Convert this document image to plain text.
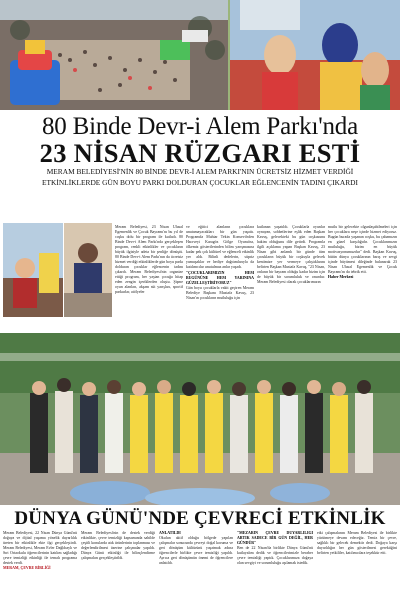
80 Binde Devr-i Alem Parkı'nda
23 NİSAN RÜZGARI ESTİ
MERAM BELEDİYESİ'NİN 80 BİNDE DEVR-İ ALEM PARKI'NIN ÜCRETSİZ HİZMET VERDİĞİ
ETKİNLİKLERDE GÜN BOYU PARKI DOLDURAN ÇOCUKLAR EĞLENCENİN TADINI ÇIKARDI
Meram Belediyesi, 23 Nisan Ulusal Egemenlik ve Çocuk Bayramı'nı bu yıl de coşku dolu bir program ile kutladı. 80 Binde Devr-i Alem Parkı'nda gerçekleşen program, renkli etkinlikler ve çocukların büyük ilgisiyle adeta bir şenliğe dönüştü. 80 Binde Devr-i Alem Parkı'nın da ücretsiz hizmet verdiği etkinliklerde gün boyu parkı dolduran çocuklar eğlencenin tadını çıkardı. Meram Belediyesi'nin organize ettiği program, her yaştan çocuğa hitap eden zengin içeriklerden oluştu. Şişme oyun alanları, akşam süt yarışları, sportif parkurlar, atölyeler
ve eğitici alanların çocuklara unutamayacakları bir gün yaşattı. Programda Muhtar Tekin Konsevi'nden Hacıveyi Karagöz Gölge Oyunu'na, ölkemiz gösterilerinden bilim yarışmasına kadar pek çok kültürel ve eğlenceli etkinlik yer aldı. Bilinli dedelerin, süpriz yumuşaklar ve hediye dağıtımlarıyla da katılımcılar unutulmaz anlar yaşadı.
"ÇOCUKLARIMIZIN HEM BUGÜNÜNE HEM YARININA GÜZELLEŞTİRİYORUZ"
Gün boyu çocuklarla vakit geçiren Meram Belediye Başkanı Mustafa Kavuş, 23 Nisan'ın çocukların mutluluğu için
kutlanan yaşatıldı. Çocuklarla oyunlar oynayan, sohbetlerine eşlik eden Başkan Kavuş, gelecekteki bu gün coşkusunu hakim olduğunu dile getirdi. Programla ilgili açıklama yapan Başkan Kavuş, 23 Nisan gibi anlamlı bir günde tüm çocukların büyük bir coşkuyla gelecek kentimize yer vermeye çalıştıklarını belirten Başkan Mustafa Kavuş, "23 Nisan, onların bir bayram olduğu kadar bizim için de büyük bir sorumluluk ve onurdur. Meram Belediyesi olarak çocuklarımızın
mutlu bir gelecekte olgunlaşabilmeleri için her çocuklara neşe içinde hizmet ediyoruz. Bugün burada yaşanan coşku, bu çabamızın en güzel karşılığıdır. Çocuklarımızın mutluluğu, bizim en büyük motivasyonumuzdur" dedi. Başkan Kavuş, bütün dünya çocuklarının barış ve sevgi içinde büyümesi dileğinde bulunarak 23 Nisan Ulusal Egemenlik ve Çocuk Bayramı'nı da tebrik etti.
Haber Merkezi
DÜNYA GÜNÜ'NDE ÇEVRECİ ETKİNLİK
Meram Belediyesi, 22 Nisan Dünya Günü'nü doğaya ve dijital yaşama yönelik duyarlılık üreten bir etkinlikle ekte ilgi gerçekleştirdi. Meram Belediyesi, Meram Evler Dağlıbaylı ve Sırt Ortaokulu öğrencilerinin katılım sağladığı çevre temizliği etkinliği ile temalı programa destek verdi.
MERAM, ÇEVRE BİRLİĞİ
Meram Belediyesi'nin de destek verdiği etkinlikte, çevre temizliği kapsamında sahilde çeşitli konularda atık ürünlerinin toplanması ve değerlendirilmesi üzerine çalışmalar yapıldı. Dünya Günü etkinliği ile bilinçlendirme çalışmaları gerçekleştirildi.
ANLATILDI
Okulun aktif olduğu bölgede yapılan çalışmalar sonucunda çevreyi doğal koruma ve geri dönüşüm kültürünü yaşatmak adına öğrencilerle birlikte çevre temizliği yapıldı. Ayrıca geri dönüşümün önemi de öğrencilere anlatıldı.
"MEZARIN ÇEVRE DUYARLILIĞI ARTIK SADECE BİR GÜN DEĞİL, HER GÜNDÜR"
Ben de 22 Nisan'da birlikte Dünya Günü'nü kutlayalım dedik ve öğrencilerimizle beraber çevre temizliği yaptık. Çocuklarımıza doğaya olan sevgiyi ve sorumluluğu aşılamak istedik.
etki çalışmalarını Meram Belediyesi ile birlikte yürütmeye devam edeceğiz. Temiz bir çevre, sağlıklı bir gelecek demektir dedi. Doğaya karşı duyarlılığın her gün gösterilmesi gerektiğini belirten yetkililer, katılımcılara teşekkür etti.
